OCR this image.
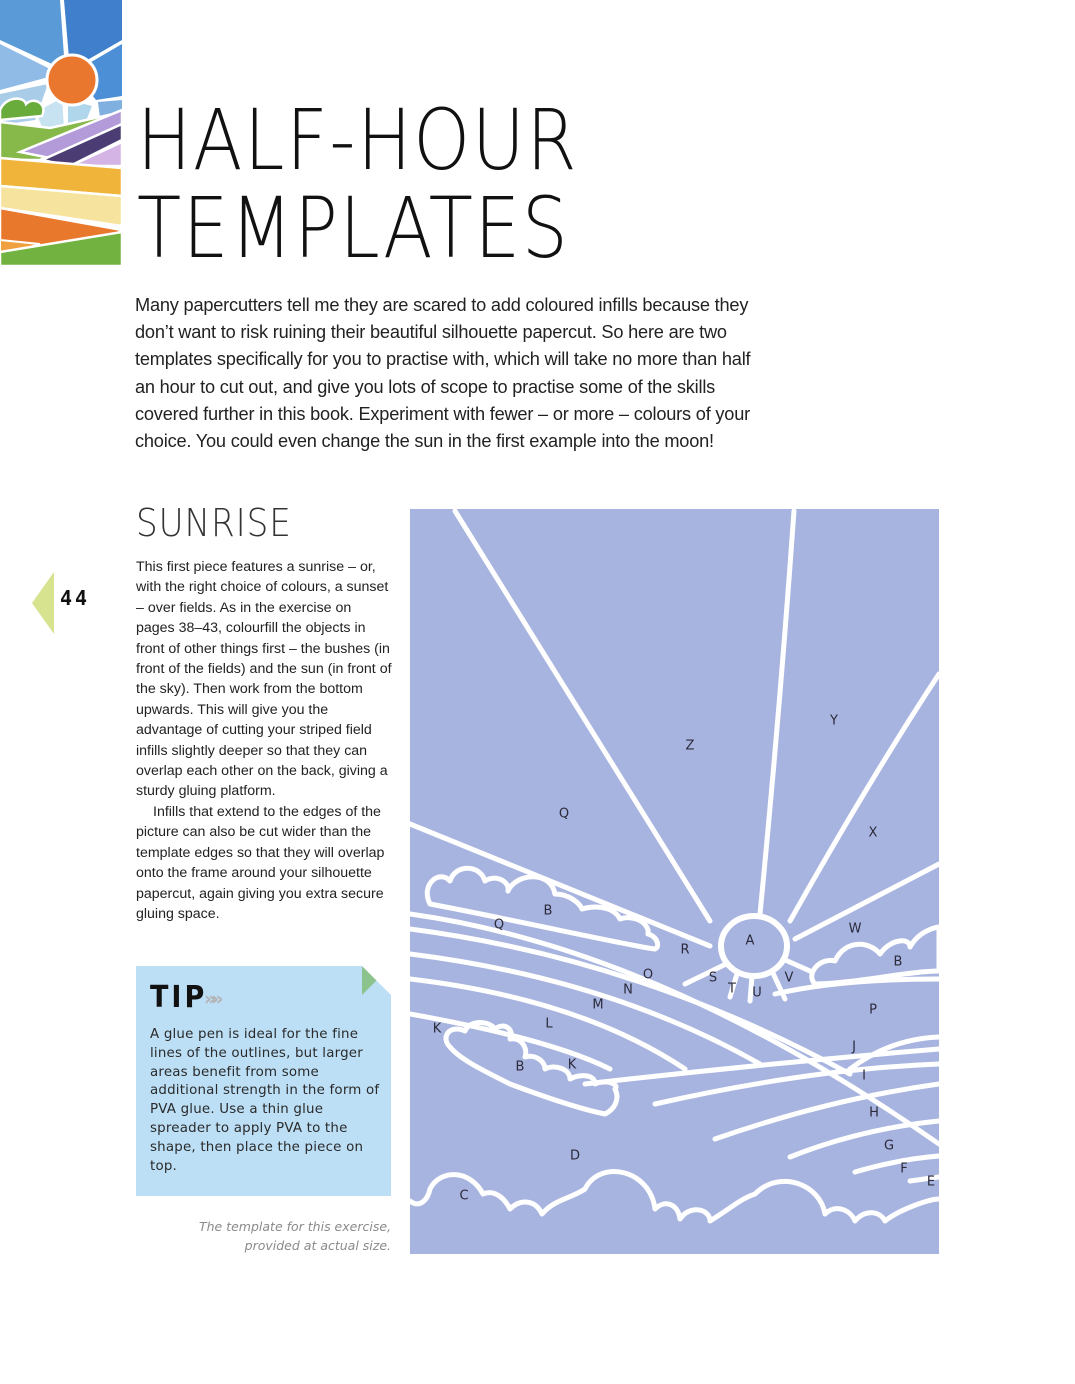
HALF-HOUR
TEMPLATES

Many papercutters tell me they are scared to add coloured infills because they don’t want to risk ruining their beautiful silhouette papercut. So here are two templates specifically for you to practise with, which will take no more than half an hour to cut out, and give you lots of scope to practise some of the skills covered further in this book. Experiment with fewer – or more – colours of your choice. You could even change the sun in the first example into the moon!

SUNRISE
44

This first piece features a sunrise – or, with the right choice of colours, a sunset – over fields. As in the exercise on pages 38–43, colourfill the objects in front of other things first – the bushes (in front of the fields) and the sun (in front of the sky). Then work from the bottom upwards. This will give you the advantage of cutting your striped field infills slightly deeper so that they can overlap each other on the back, giving a sturdy gluing platform.

Infills that extend to the edges of the picture can also be cut wider than the template edges so that they will overlap onto the frame around your silhouette papercut, again giving you extra secure gluing space.

TIP
»»

A glue pen is ideal for the fine lines of the outlines, but larger areas benefit from some additional strength in the form of PVA glue. Use a thin glue spreader to apply PVA to the shape, then place the piece on top.

The template for this exercise,
provided at actual size.

Y
Z
Q
X
W
B
Q
A
R
B
O	S	V
N	T U
M	P
L
K
J
K
B
I
H
G
D
F
E
C
